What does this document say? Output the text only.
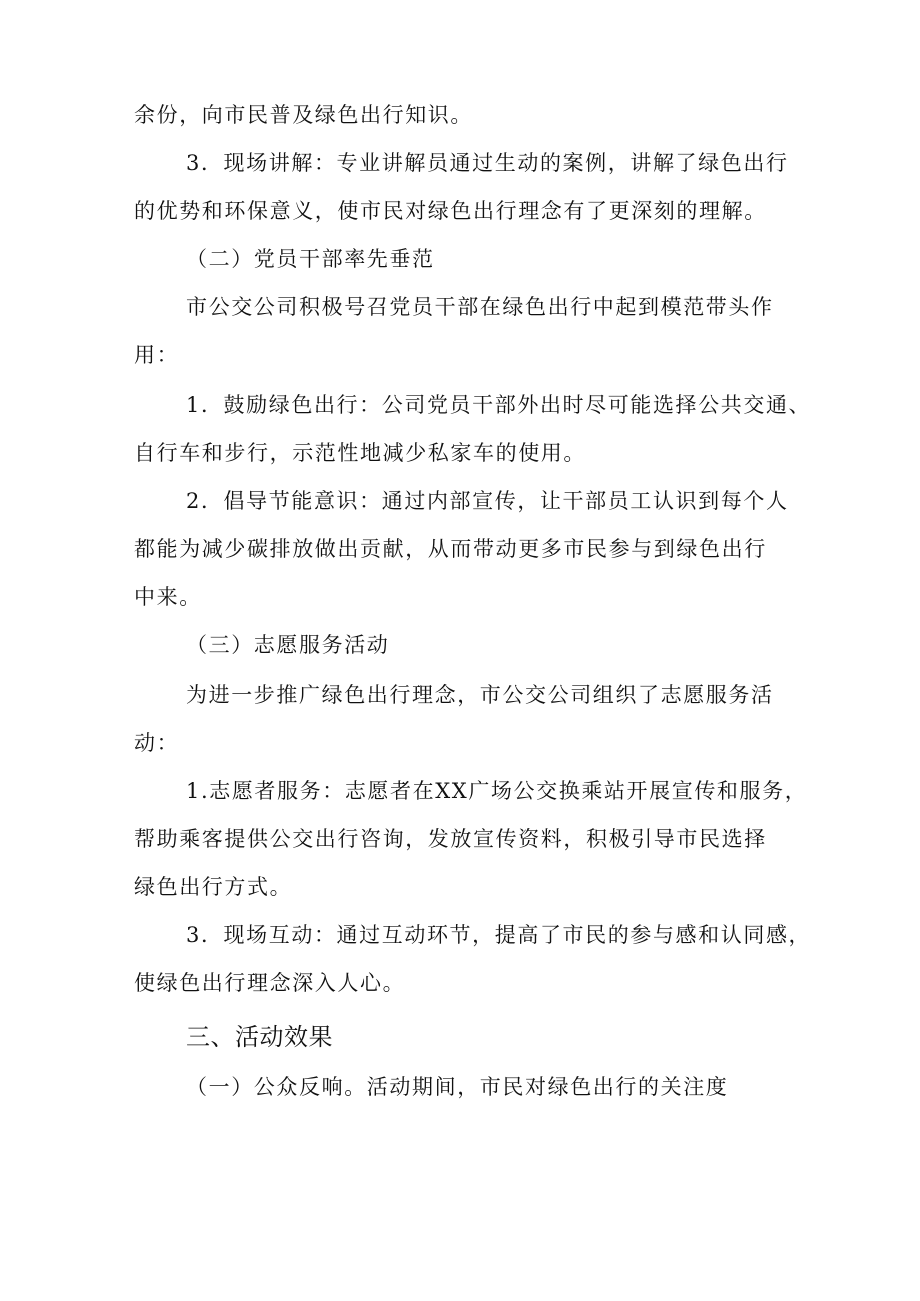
余份，向市民普及绿色出行知识。
3．现场讲解：专业讲解员通过生动的案例，讲解了绿色出行
的优势和环保意义，使市民对绿色出行理念有了更深刻的理解。
（二）党员干部率先垂范
市公交公司积极号召党员干部在绿色出行中起到模范带头作
用：
1．鼓励绿色出行：公司党员干部外出时尽可能选择公共交通、
自行车和步行，示范性地减少私家车的使用。
2．倡导节能意识：通过内部宣传，让干部员工认识到每个人
都能为减少碳排放做出贡献，从而带动更多市民参与到绿色出行
中来。
（三）志愿服务活动
为进一步推广绿色出行理念，市公交公司组织了志愿服务活
动：
1.志愿者服务：志愿者在XX广场公交换乘站开展宣传和服务，
帮助乘客提供公交出行咨询，发放宣传资料，积极引导市民选择
绿色出行方式。
3．现场互动：通过互动环节，提高了市民的参与感和认同感，
使绿色出行理念深入人心。
三、活动效果
（一）公众反响。活动期间，市民对绿色出行的关注度
